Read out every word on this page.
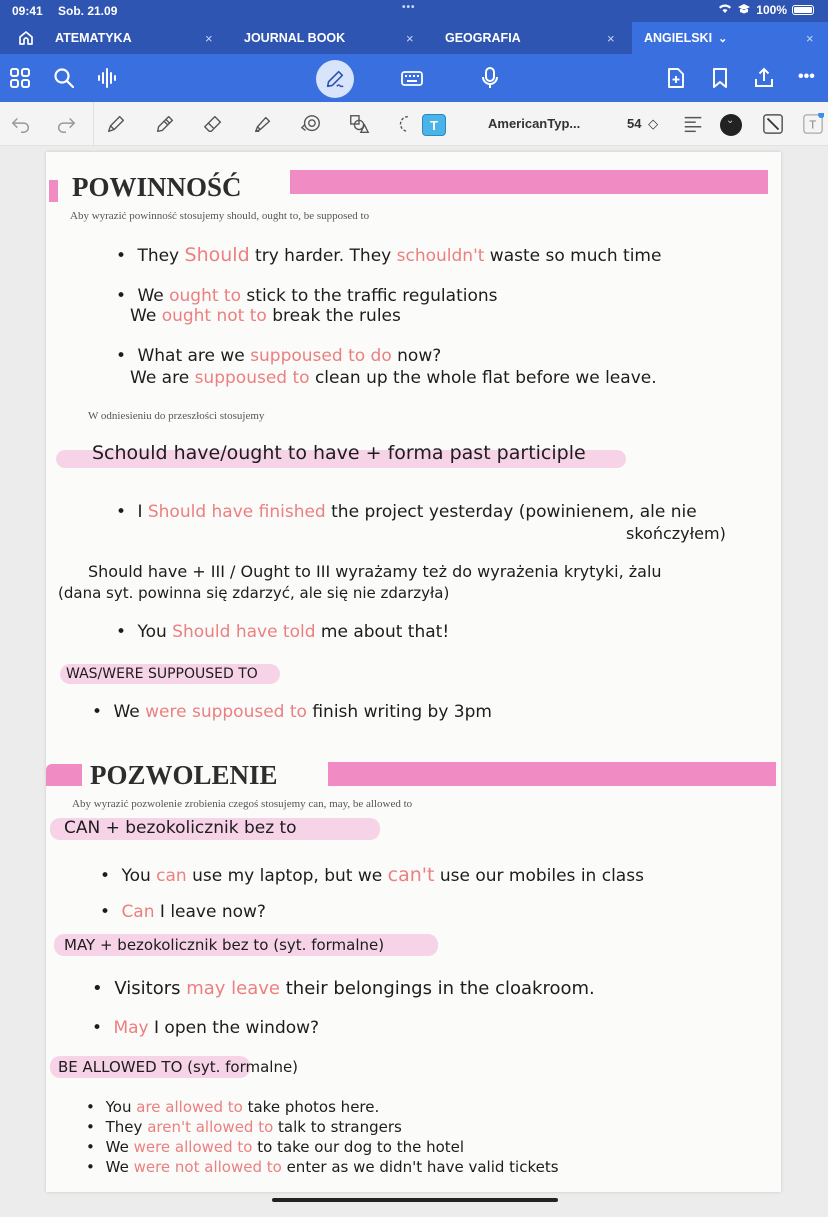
09:41 Sob. 21.09	•••	100%
ATEMATYKA	×	JOURNAL BOOK	×	GEOGRAFIA	× ANGIELSKI ⌄	×
•••
T	AmericanTyp...	54 ◇ ⌄	T
POWINNOŚĆ
Aby wyrazić powinność stosujemy should, ought to, be supposed to
• They Should try harder. They schouldn't waste so much time
• We ought to stick to the traffic regulations
We ought not to break the rules
• What are we suppoused to do now?
We are suppoused to clean up the whole flat before we leave.
W odniesieniu do przeszłości stosujemy
Schould have/ought to have + forma past participle
• I Should have finished the project yesterday (powinienem, ale nie
skończyłem)
Should have + III / Ought to III wyrażamy też do wyrażenia krytyki, żalu
(dana syt. powinna się zdarzyć, ale się nie zdarzyła)
• You Should have told me about that!
WAS/WERE SUPPOUSED TO
• We were suppoused to finish writing by 3pm
POZWOLENIE
Aby wyrazić pozwolenie zrobienia czegoś stosujemy can, may, be allowed to
CAN + bezokolicznik bez to
• You can use my laptop, but we can't use our mobiles in class
• Can I leave now?
MAY + bezokolicznik bez to (syt. formalne)
• Visitors may leave their belongings in the cloakroom.
• May I open the window?
BE ALLOWED TO (syt. formalne)
• You are allowed to take photos here.
• They aren't allowed to talk to strangers
• We were allowed to to take our dog to the hotel
• We were not allowed to enter as we didn't have valid tickets
